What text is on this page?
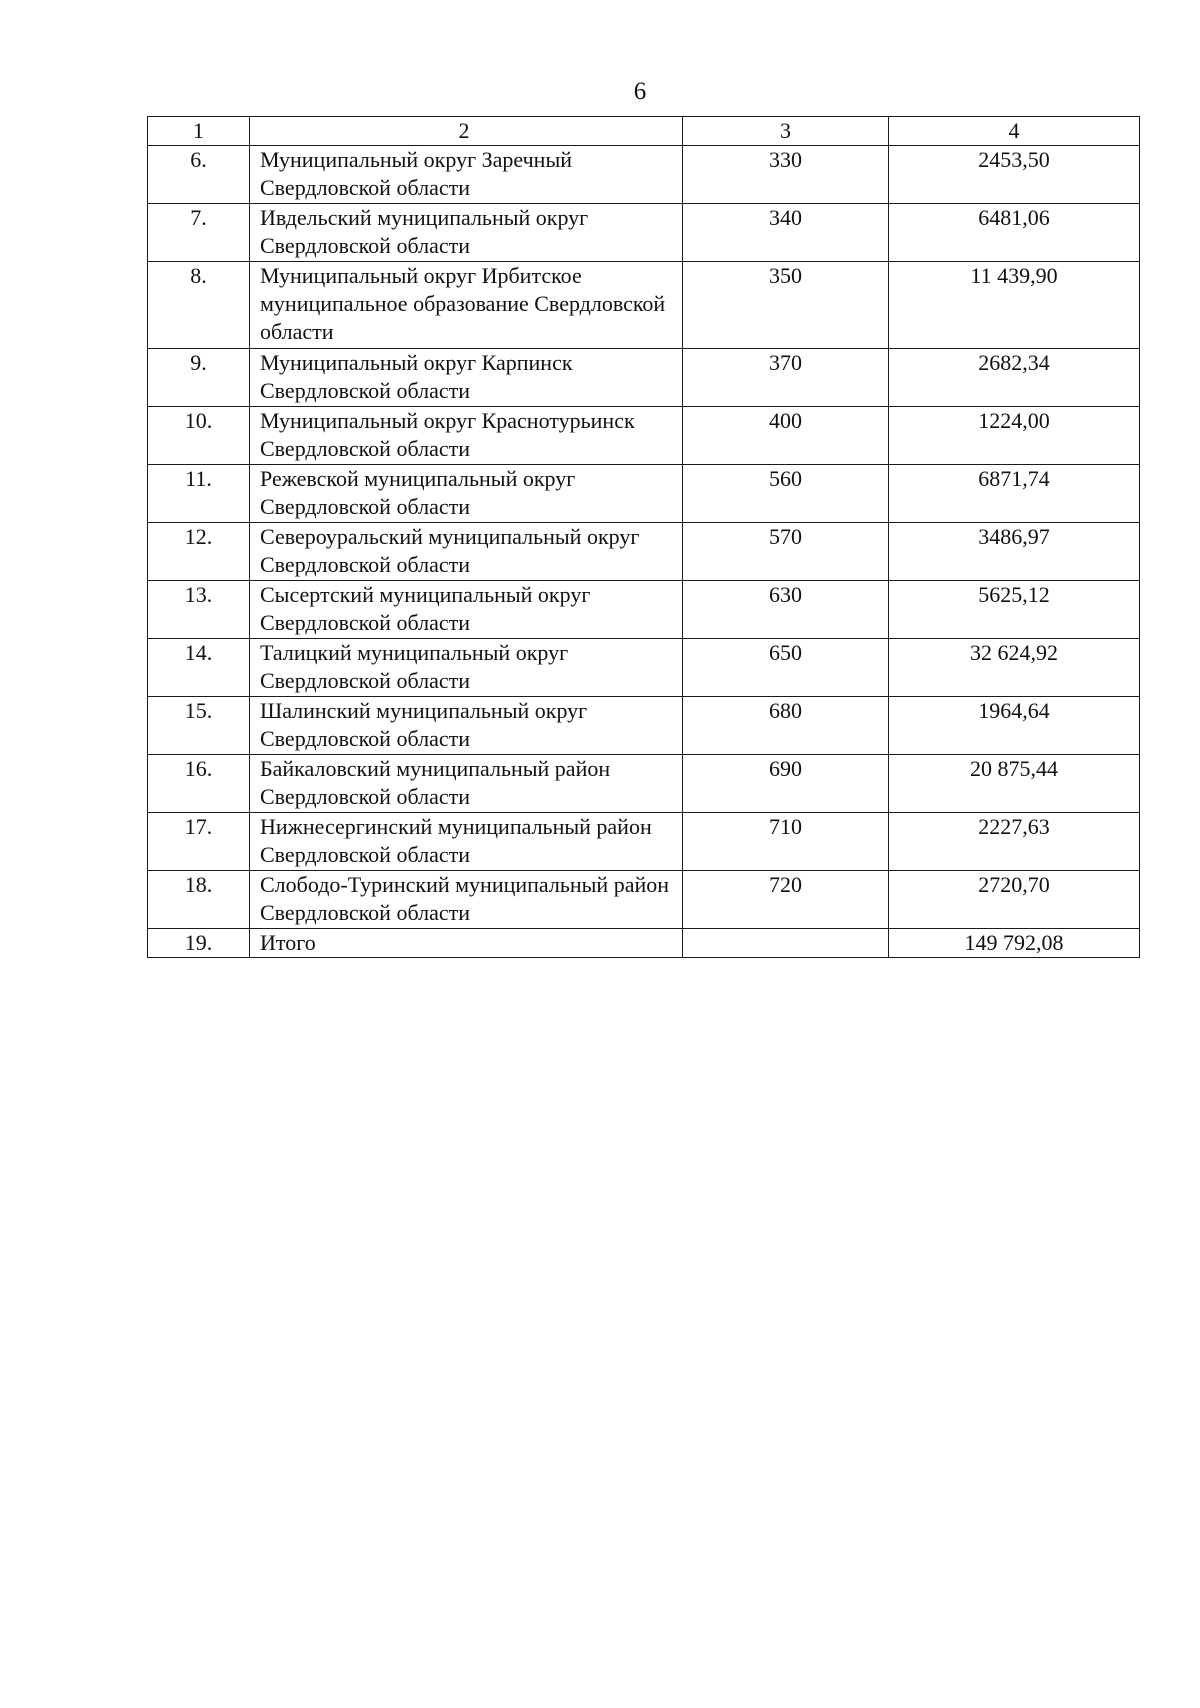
6
1	2	3	4
6.	Муниципальный округ Заречный Свердловской области	330	2453,50
7.	Ивдельский муниципальный округ Свердловской области	340	6481,06
8.	Муниципальный округ Ирбитское муниципальное образование Свердловской области	350	11 439,90
9.	Муниципальный округ Карпинск Свердловской области	370	2682,34
10.	Муниципальный округ Краснотурьинск Свердловской области	400	1224,00
11.	Режевской муниципальный округ Свердловской области	560	6871,74
12.	Североуральский муниципальный округ Свердловской области	570	3486,97
13.	Сысертский муниципальный округ Свердловской области	630	5625,12
14.	Талицкий муниципальный округ Свердловской области	650	32 624,92
15.	Шалинский муниципальный округ Свердловской области	680	1964,64
16.	Байкаловский муниципальный район Свердловской области	690	20 875,44
17.	Нижнесергинский муниципальный район Свердловской области	710	2227,63
18.	Слободо-Туринский муниципальный район Свердловской области	720	2720,70
19.	Итого		149 792,08
